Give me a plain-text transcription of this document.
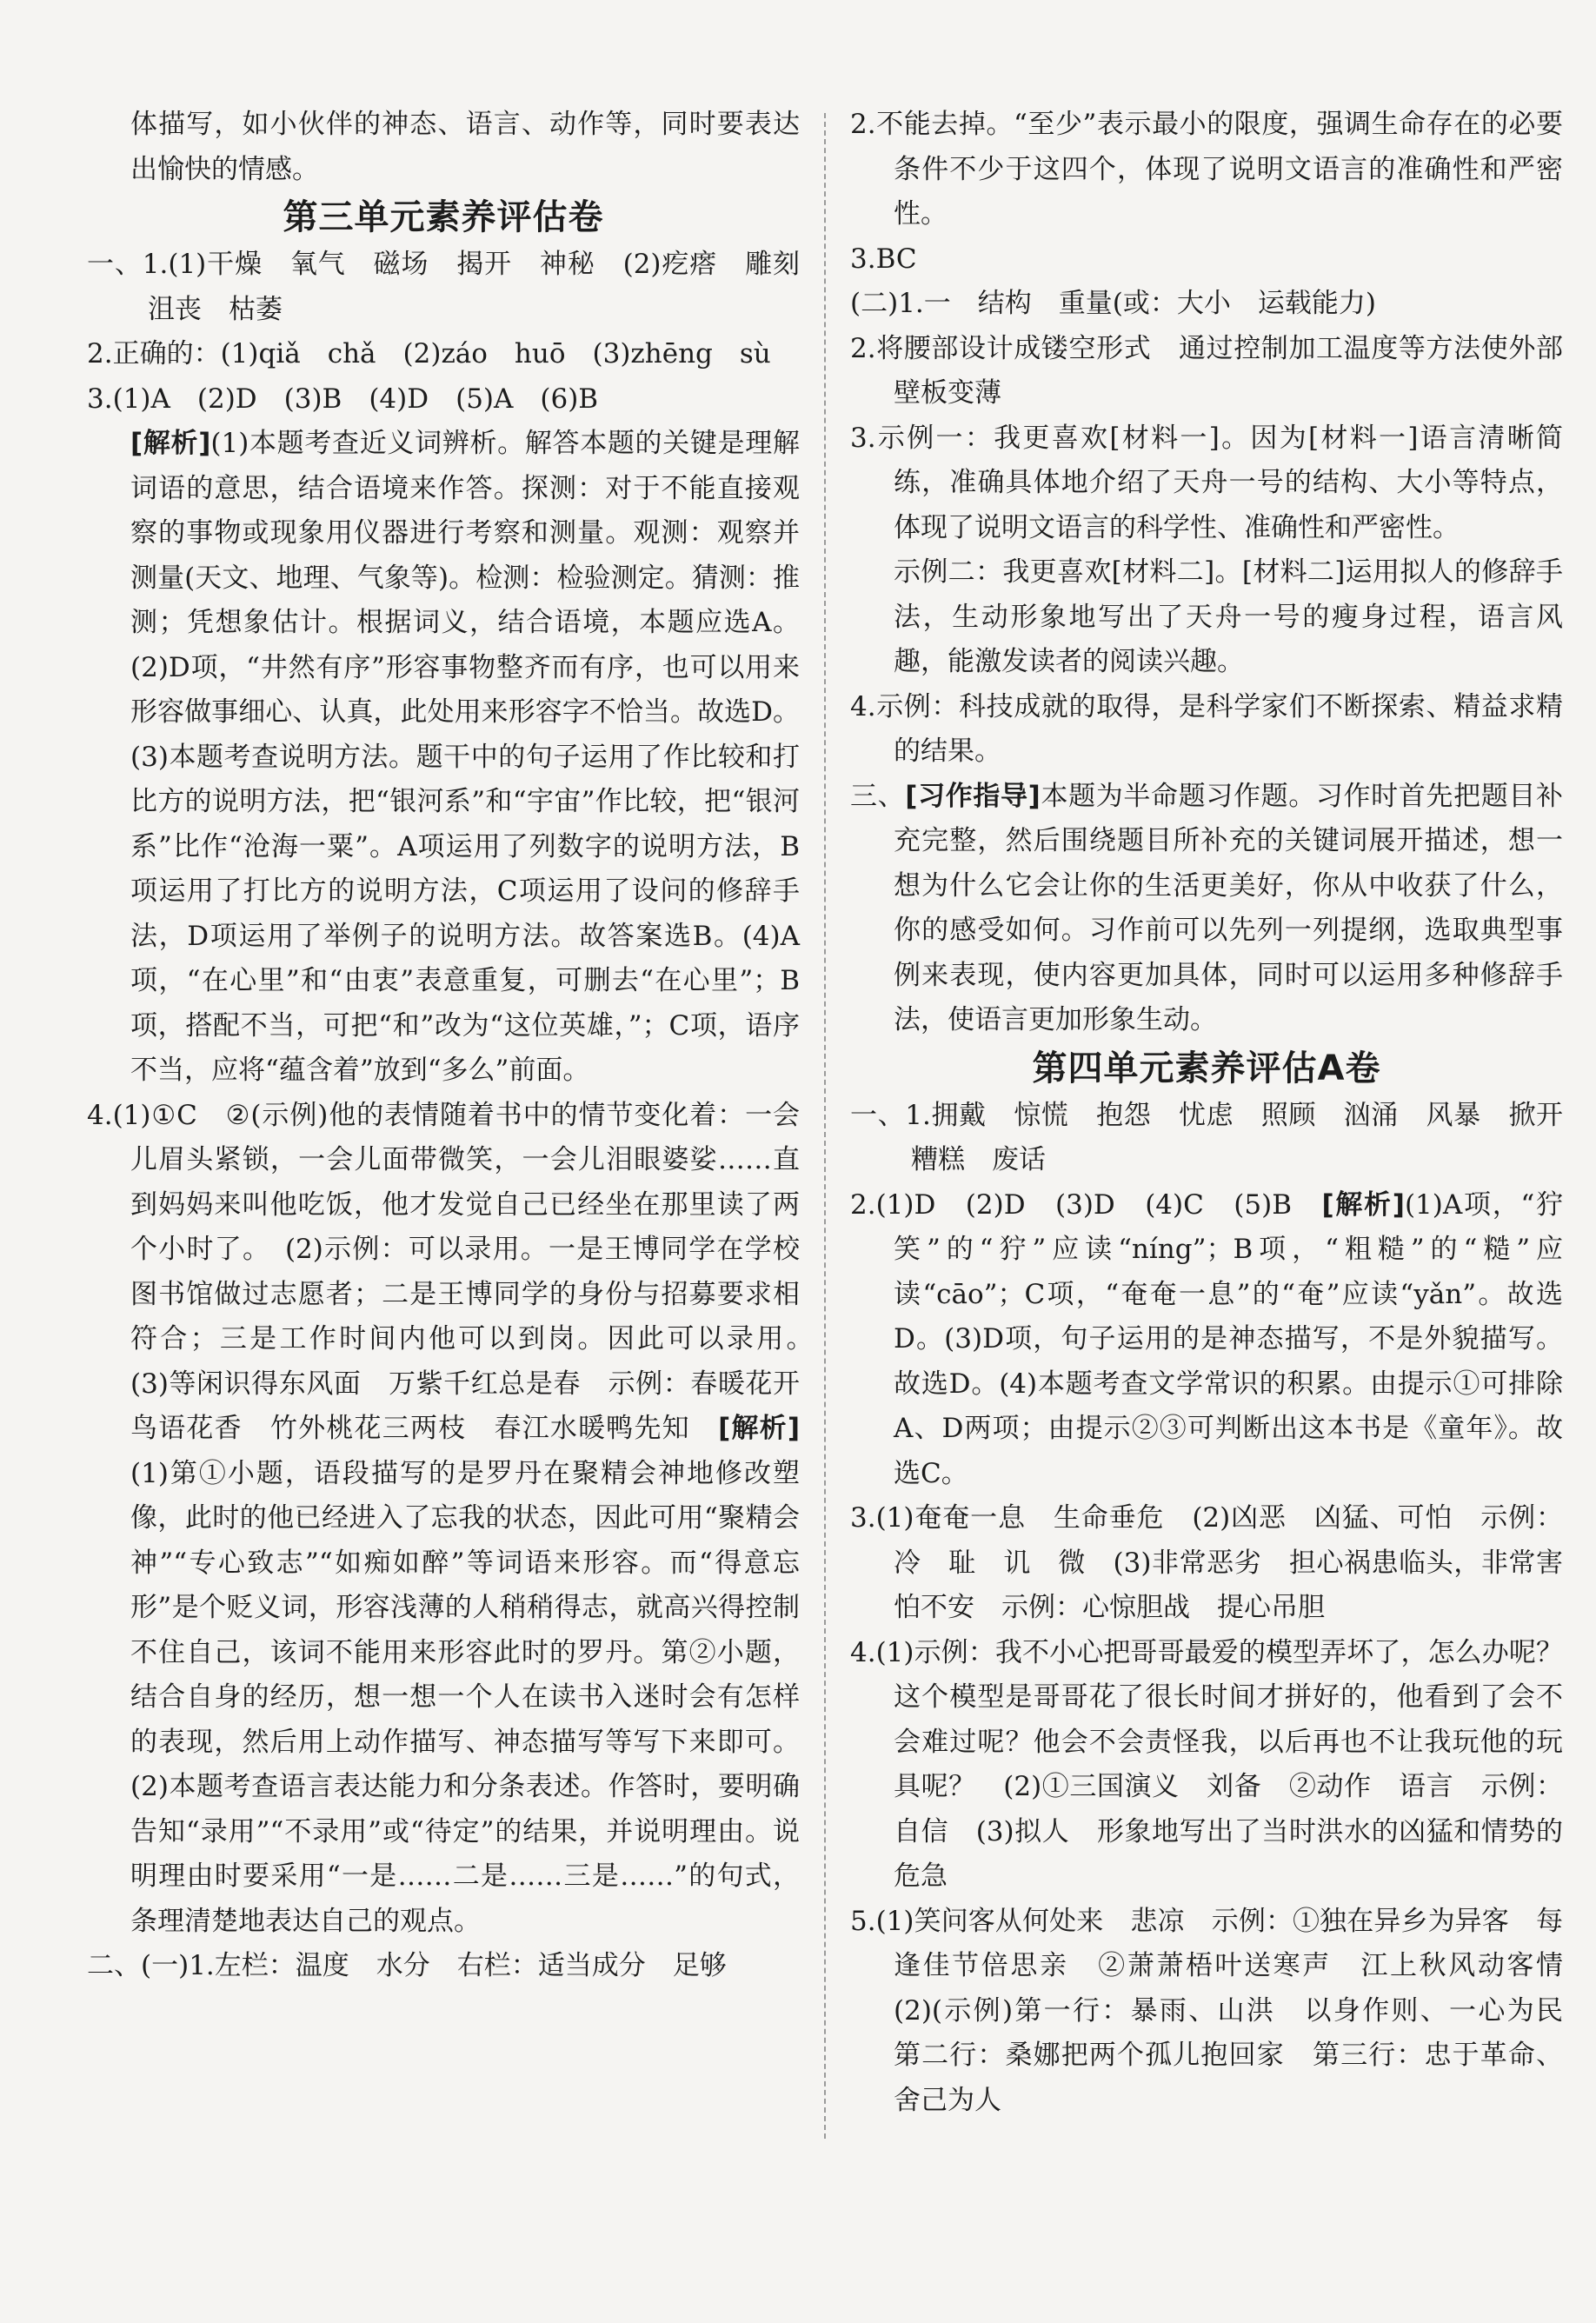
体描写，如小伙伴的神态、语言、动作等，同时要表达出愉快的情感。

第三单元素养评估卷

一、1.(1)干燥　氧气　磁场　揭开　神秘　(2)疙瘩　雕刻　沮丧　枯萎

2.正确的：(1)qiǎ　chǎ　(2)záo　huō　(3)zhēng　sù

3.(1)A　(2)D　(3)B　(4)D　(5)A　(6)B

[解析](1)本题考查近义词辨析。解答本题的关键是理解词语的意思，结合语境来作答。探测：对于不能直接观察的事物或现象用仪器进行考察和测量。观测：观察并测量(天文、地理、气象等)。检测：检验测定。猜测：推测；凭想象估计。根据词义，结合语境，本题应选A。(2)D项，“井然有序”形容事物整齐而有序，也可以用来形容做事细心、认真，此处用来形容字不恰当。故选D。(3)本题考查说明方法。题干中的句子运用了作比较和打比方的说明方法，把“银河系”和“宇宙”作比较，把“银河系”比作“沧海一粟”。A项运用了列数字的说明方法，B项运用了打比方的说明方法，C项运用了设问的修辞手法，D项运用了举例子的说明方法。故答案选B。(4)A项，“在心里”和“由衷”表意重复，可删去“在心里”；B项，搭配不当，可把“和”改为“这位英雄，”；C项，语序不当，应将“蕴含着”放到“多么”前面。

4.(1)①C　②(示例)他的表情随着书中的情节变化着：一会儿眉头紧锁，一会儿面带微笑，一会儿泪眼婆娑……直到妈妈来叫他吃饭，他才发觉自己已经坐在那里读了两个小时了。　(2)示例：可以录用。一是王博同学在学校图书馆做过志愿者；二是王博同学的身份与招募要求相符合；三是工作时间内他可以到岗。因此可以录用。　(3)等闲识得东风面　万紫千红总是春　示例：春暖花开　鸟语花香　竹外桃花三两枝　春江水暖鸭先知　[解析](1)第①小题，语段描写的是罗丹在聚精会神地修改塑像，此时的他已经进入了忘我的状态，因此可用“聚精会神”“专心致志”“如痴如醉”等词语来形容。而“得意忘形”是个贬义词，形容浅薄的人稍稍得志，就高兴得控制不住自己，该词不能用来形容此时的罗丹。第②小题，结合自身的经历，想一想一个人在读书入迷时会有怎样的表现，然后用上动作描写、神态描写等写下来即可。(2)本题考查语言表达能力和分条表述。作答时，要明确告知“录用”“不录用”或“待定”的结果，并说明理由。说明理由时要采用“一是……二是……三是……”的句式，条理清楚地表达自己的观点。

二、(一)1.左栏：温度　水分　右栏：适当成分　足够

2.不能去掉。“至少”表示最小的限度，强调生命存在的必要条件不少于这四个，体现了说明文语言的准确性和严密性。

3.BC

(二)1.一　结构　重量(或：大小　运载能力)

2.将腰部设计成镂空形式　通过控制加工温度等方法使外部壁板变薄

3.示例一：我更喜欢[材料一]。因为[材料一]语言清晰简练，准确具体地介绍了天舟一号的结构、大小等特点，体现了说明文语言的科学性、准确性和严密性。

示例二：我更喜欢[材料二]。[材料二]运用拟人的修辞手法，生动形象地写出了天舟一号的瘦身过程，语言风趣，能激发读者的阅读兴趣。

4.示例：科技成就的取得，是科学家们不断探索、精益求精的结果。

三、[习作指导]本题为半命题习作题。习作时首先把题目补充完整，然后围绕题目所补充的关键词展开描述，想一想为什么它会让你的生活更美好，你从中收获了什么，你的感受如何。习作前可以先列一列提纲，选取典型事例来表现，使内容更加具体，同时可以运用多种修辞手法，使语言更加形象生动。

第四单元素养评估A卷

一、1.拥戴　惊慌　抱怨　忧虑　照顾　汹涌　风暴　掀开　糟糕　废话

2.(1)D　(2)D　(3)D　(4)C　(5)B　[解析](1)A项，“狞笑”的“狞”应读“níng”；B项，“粗糙”的“糙”应读“cāo”；C项，“奄奄一息”的“奄”应读“yǎn”。故选D。(3)D项，句子运用的是神态描写，不是外貌描写。故选D。(4)本题考查文学常识的积累。由提示①可排除A、D两项；由提示②③可判断出这本书是《童年》。故选C。

3.(1)奄奄一息　生命垂危　(2)凶恶　凶猛、可怕　示例：冷　耻　讥　微　(3)非常恶劣　担心祸患临头，非常害怕不安　示例：心惊胆战　提心吊胆

4.(1)示例：我不小心把哥哥最爱的模型弄坏了，怎么办呢？这个模型是哥哥花了很长时间才拼好的，他看到了会不会难过呢？他会不会责怪我，以后再也不让我玩他的玩具呢？　(2)①三国演义　刘备　②动作　语言　示例：自信　(3)拟人　形象地写出了当时洪水的凶猛和情势的危急

5.(1)笑问客从何处来　悲凉　示例：①独在异乡为异客　每逢佳节倍思亲　②萧萧梧叶送寒声　江上秋风动客情　(2)(示例)第一行：暴雨、山洪　以身作则、一心为民　第二行：桑娜把两个孤儿抱回家　第三行：忠于革命、舍己为人
